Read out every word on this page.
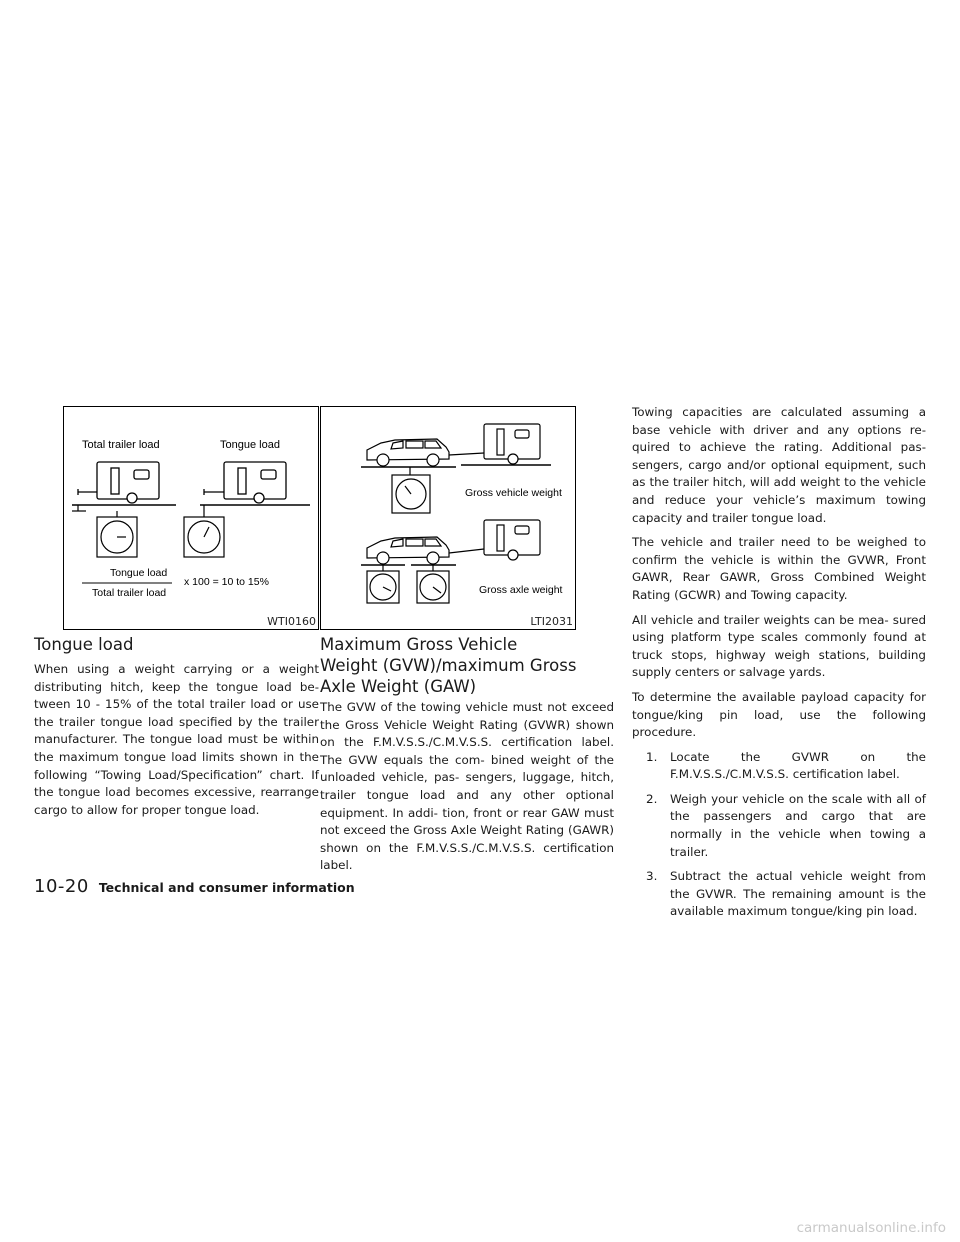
Total trailer load	Tongue load
Tongue load
Total trailer load
x 100 = 10 to 15%
WTI0160
Gross vehicle weight
Gross axle weight
LTI2031
Tongue load

When using a weight carrying or a weight distributing hitch, keep the tongue load be- tween 10 - 15% of the total trailer load or use the trailer tongue load specified by the trailer manufacturer. The tongue load must be within the maximum tongue load limits shown in the following “Towing Load/Specification” chart. If the tongue load becomes excessive, rearrange cargo to allow for proper tongue load.

Maximum Gross Vehicle Weight (GVW)/maximum Gross Axle Weight (GAW)

The GVW of the towing vehicle must not exceed the Gross Vehicle Weight Rating (GVWR) shown on the F.M.V.S.S./C.M.V.S.S. certification label. The GVW equals the com- bined weight of the unloaded vehicle, pas- sengers, luggage, hitch, trailer tongue load and any other optional equipment. In addi- tion, front or rear GAW must not exceed the Gross Axle Weight Rating (GAWR) shown on the F.M.V.S.S./C.M.V.S.S. certification label.

Towing capacities are calculated assuming a base vehicle with driver and any options re- quired to achieve the rating. Additional pas- sengers, cargo and/or optional equipment, such as the trailer hitch, will add weight to the vehicle and reduce your vehicle’s maximum towing capacity and trailer tongue load.

The vehicle and trailer need to be weighed to confirm the vehicle is within the GVWR, Front GAWR, Rear GAWR, Gross Combined Weight Rating (GCWR) and Towing capacity.

All vehicle and trailer weights can be mea- sured using platform type scales commonly found at truck stops, highway weigh stations, building supply centers or salvage yards.

To determine the available payload capacity for tongue/king pin load, use the following procedure.

1. Locate the GVWR on the F.M.V.S.S./C.M.V.S.S. certification label.
2. Weigh your vehicle on the scale with all of the passengers and cargo that are normally in the vehicle when towing a trailer.
3. Subtract the actual vehicle weight from the GVWR. The remaining amount is the available maximum tongue/king pin load.
10-20 Technical and consumer information
carmanualsonline.info
